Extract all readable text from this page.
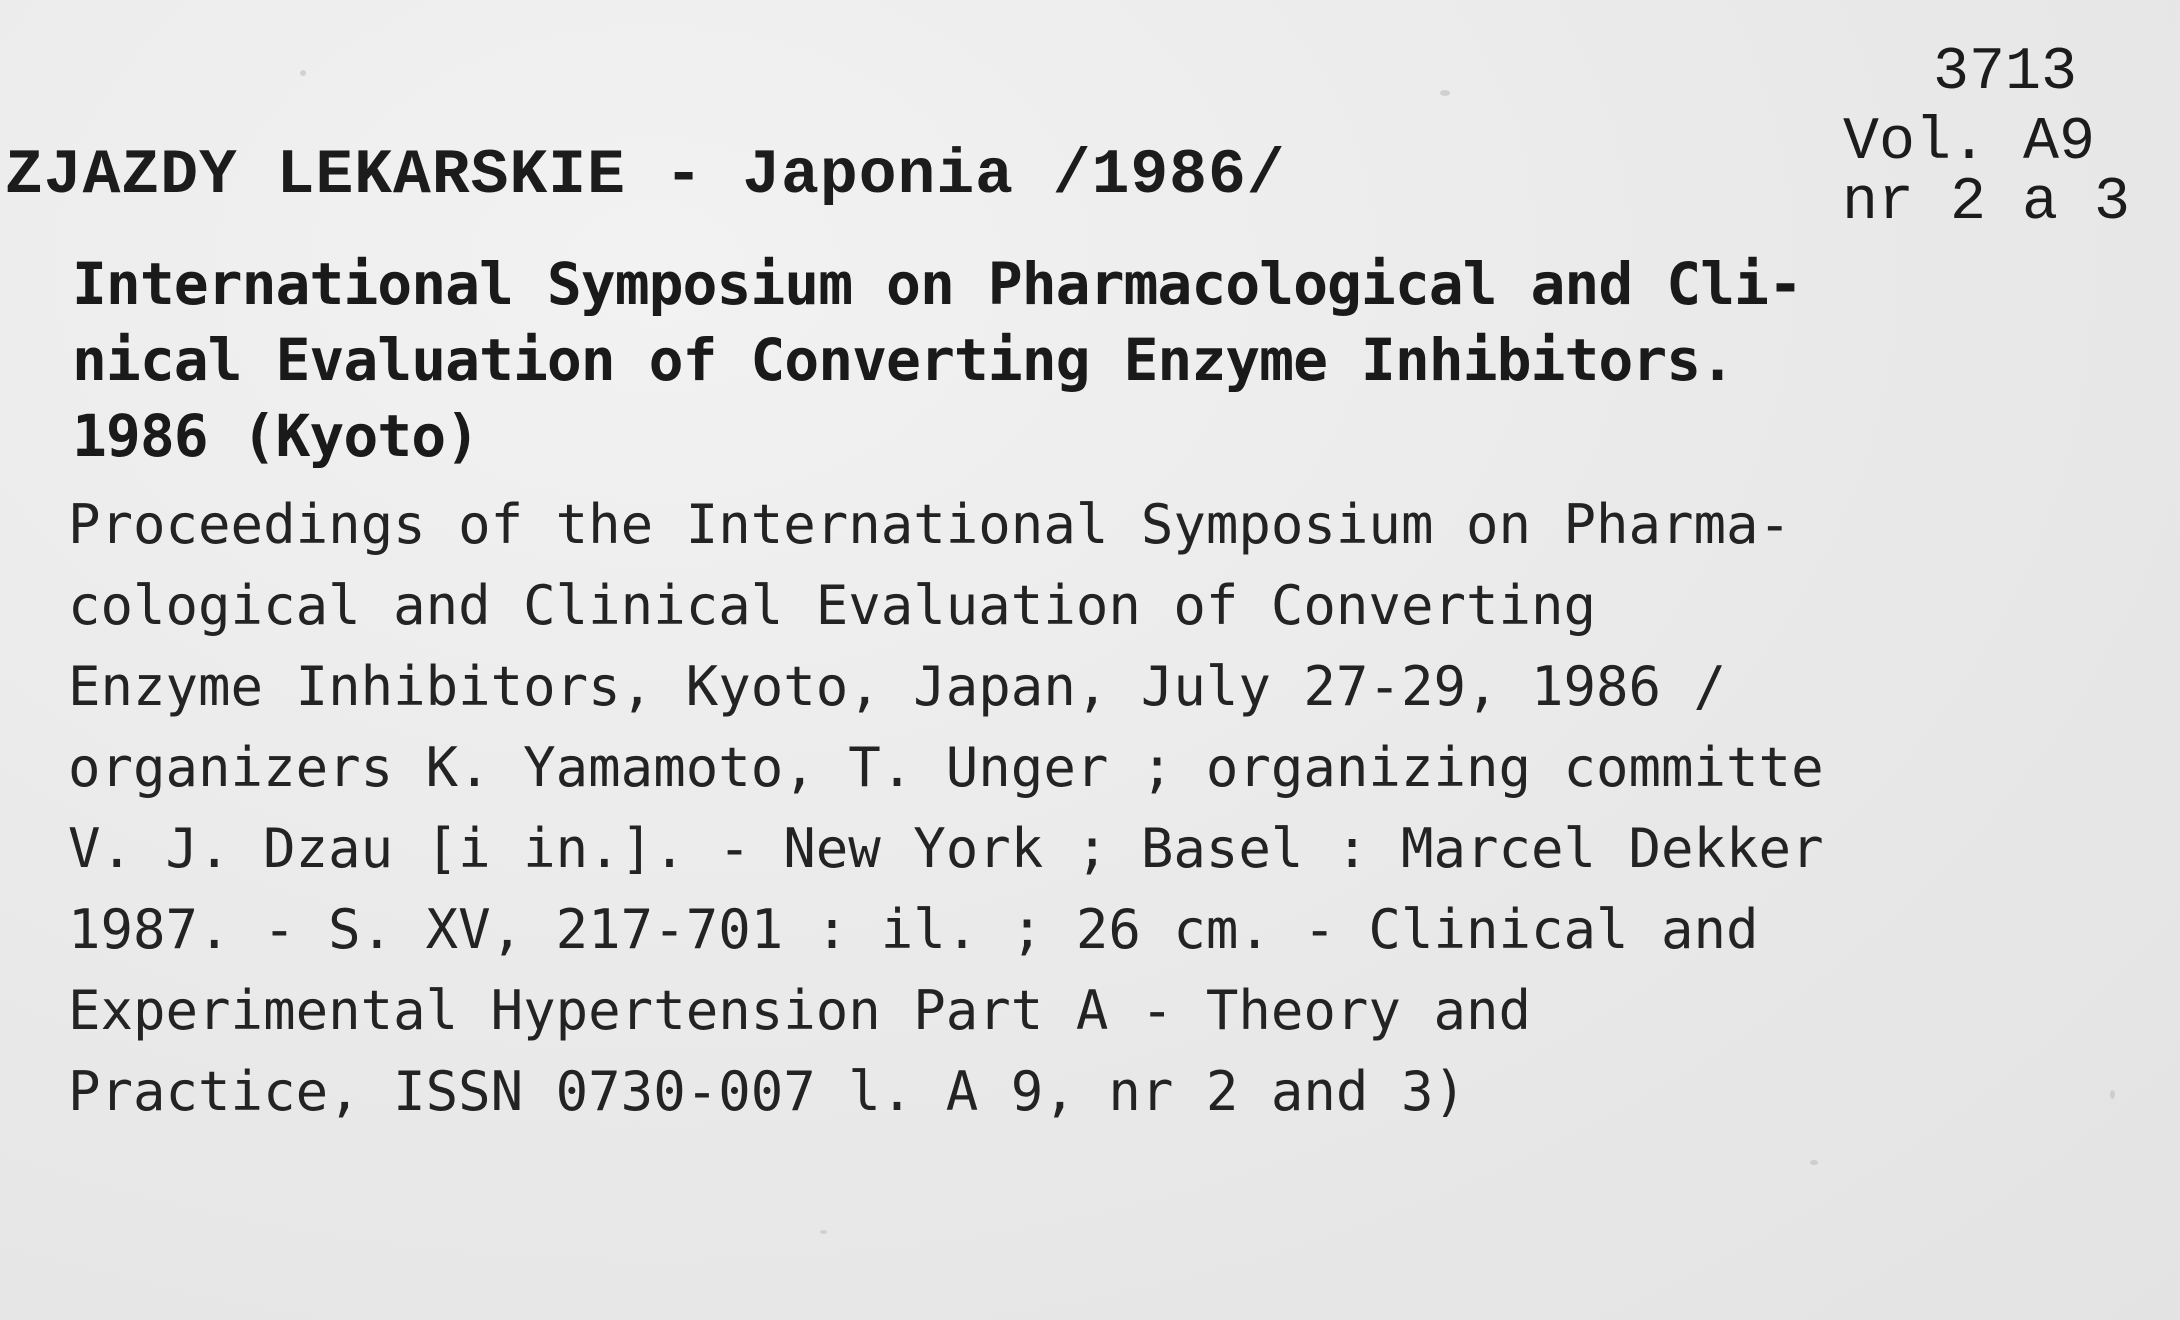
3713
Vol. A9
nr 2 a 3
ZJAZDY LEKARSKIE - Japonia /1986/
International Symposium on Pharmacological and Cli-
nical Evaluation of Converting Enzyme Inhibitors.
1986 (Kyoto)
Proceedings of the International Symposium on Pharma-
cological and Clinical Evaluation of Converting
Enzyme Inhibitors, Kyoto, Japan, July 27-29, 1986 /
organizers K. Yamamoto, T. Unger ; organizing committe
V. J. Dzau [i in.]. - New York ; Basel : Marcel Dekker
1987. - S. XV, 217-701 : il. ; 26 cm. - Clinical and
Experimental Hypertension Part A - Theory and
Practice, ISSN 0730-007 l. A 9, nr 2 and 3)
